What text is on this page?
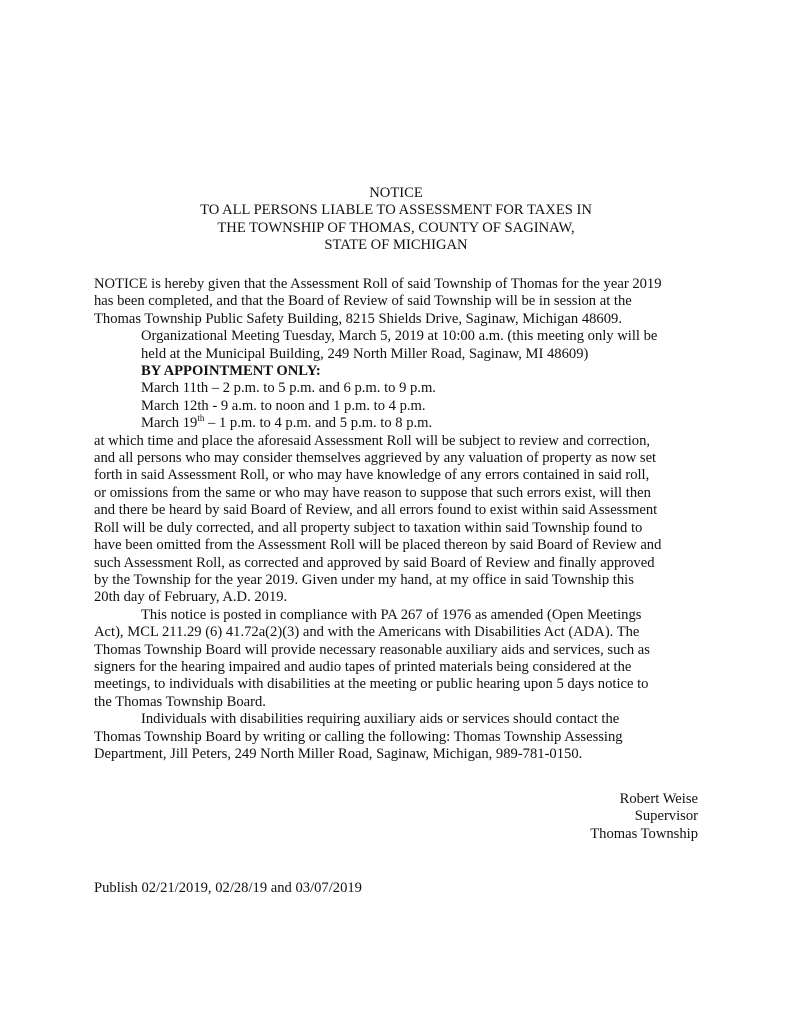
NOTICE
TO ALL PERSONS LIABLE TO ASSESSMENT FOR TAXES IN
THE TOWNSHIP OF THOMAS, COUNTY OF SAGINAW,
STATE OF MICHIGAN
NOTICE is hereby given that the Assessment Roll of said Township of Thomas for the year 2019
has been completed, and that the Board of Review of said Township will be in session at the
Thomas Township Public Safety Building, 8215 Shields Drive, Saginaw, Michigan 48609.
Organizational Meeting Tuesday, March 5, 2019 at 10:00 a.m. (this meeting only will be
held at the Municipal Building, 249 North Miller Road, Saginaw, MI 48609)
BY APPOINTMENT ONLY:
March 11th – 2 p.m. to 5 p.m. and 6 p.m. to 9 p.m.
March 12th - 9 a.m. to noon and 1 p.m. to 4 p.m.
March 19th – 1 p.m. to 4 p.m. and 5 p.m. to 8 p.m.
at which time and place the aforesaid Assessment Roll will be subject to review and correction,
and all persons who may consider themselves aggrieved by any valuation of property as now set
forth in said Assessment Roll, or who may have knowledge of any errors contained in said roll,
or omissions from the same or who may have reason to suppose that such errors exist, will then
and there be heard by said Board of Review, and all errors found to exist within said Assessment
Roll will be duly corrected, and all property subject to taxation within said Township found to
have been omitted from the Assessment Roll will be placed thereon by said Board of Review and
such Assessment Roll, as corrected and approved by said Board of Review and finally approved
by the Township for the year 2019. Given under my hand, at my office in said Township this
20th day of February, A.D. 2019.
This notice is posted in compliance with PA 267 of 1976 as amended (Open Meetings
Act), MCL 211.29 (6) 41.72a(2)(3) and with the Americans with Disabilities Act (ADA). The
Thomas Township Board will provide necessary reasonable auxiliary aids and services, such as
signers for the hearing impaired and audio tapes of printed materials being considered at the
meetings, to individuals with disabilities at the meeting or public hearing upon 5 days notice to
the Thomas Township Board.
Individuals with disabilities requiring auxiliary aids or services should contact the
Thomas Township Board by writing or calling the following: Thomas Township Assessing
Department, Jill Peters, 249 North Miller Road, Saginaw, Michigan, 989-781-0150.
Robert Weise
Supervisor
Thomas Township
Publish 02/21/2019, 02/28/19 and 03/07/2019
